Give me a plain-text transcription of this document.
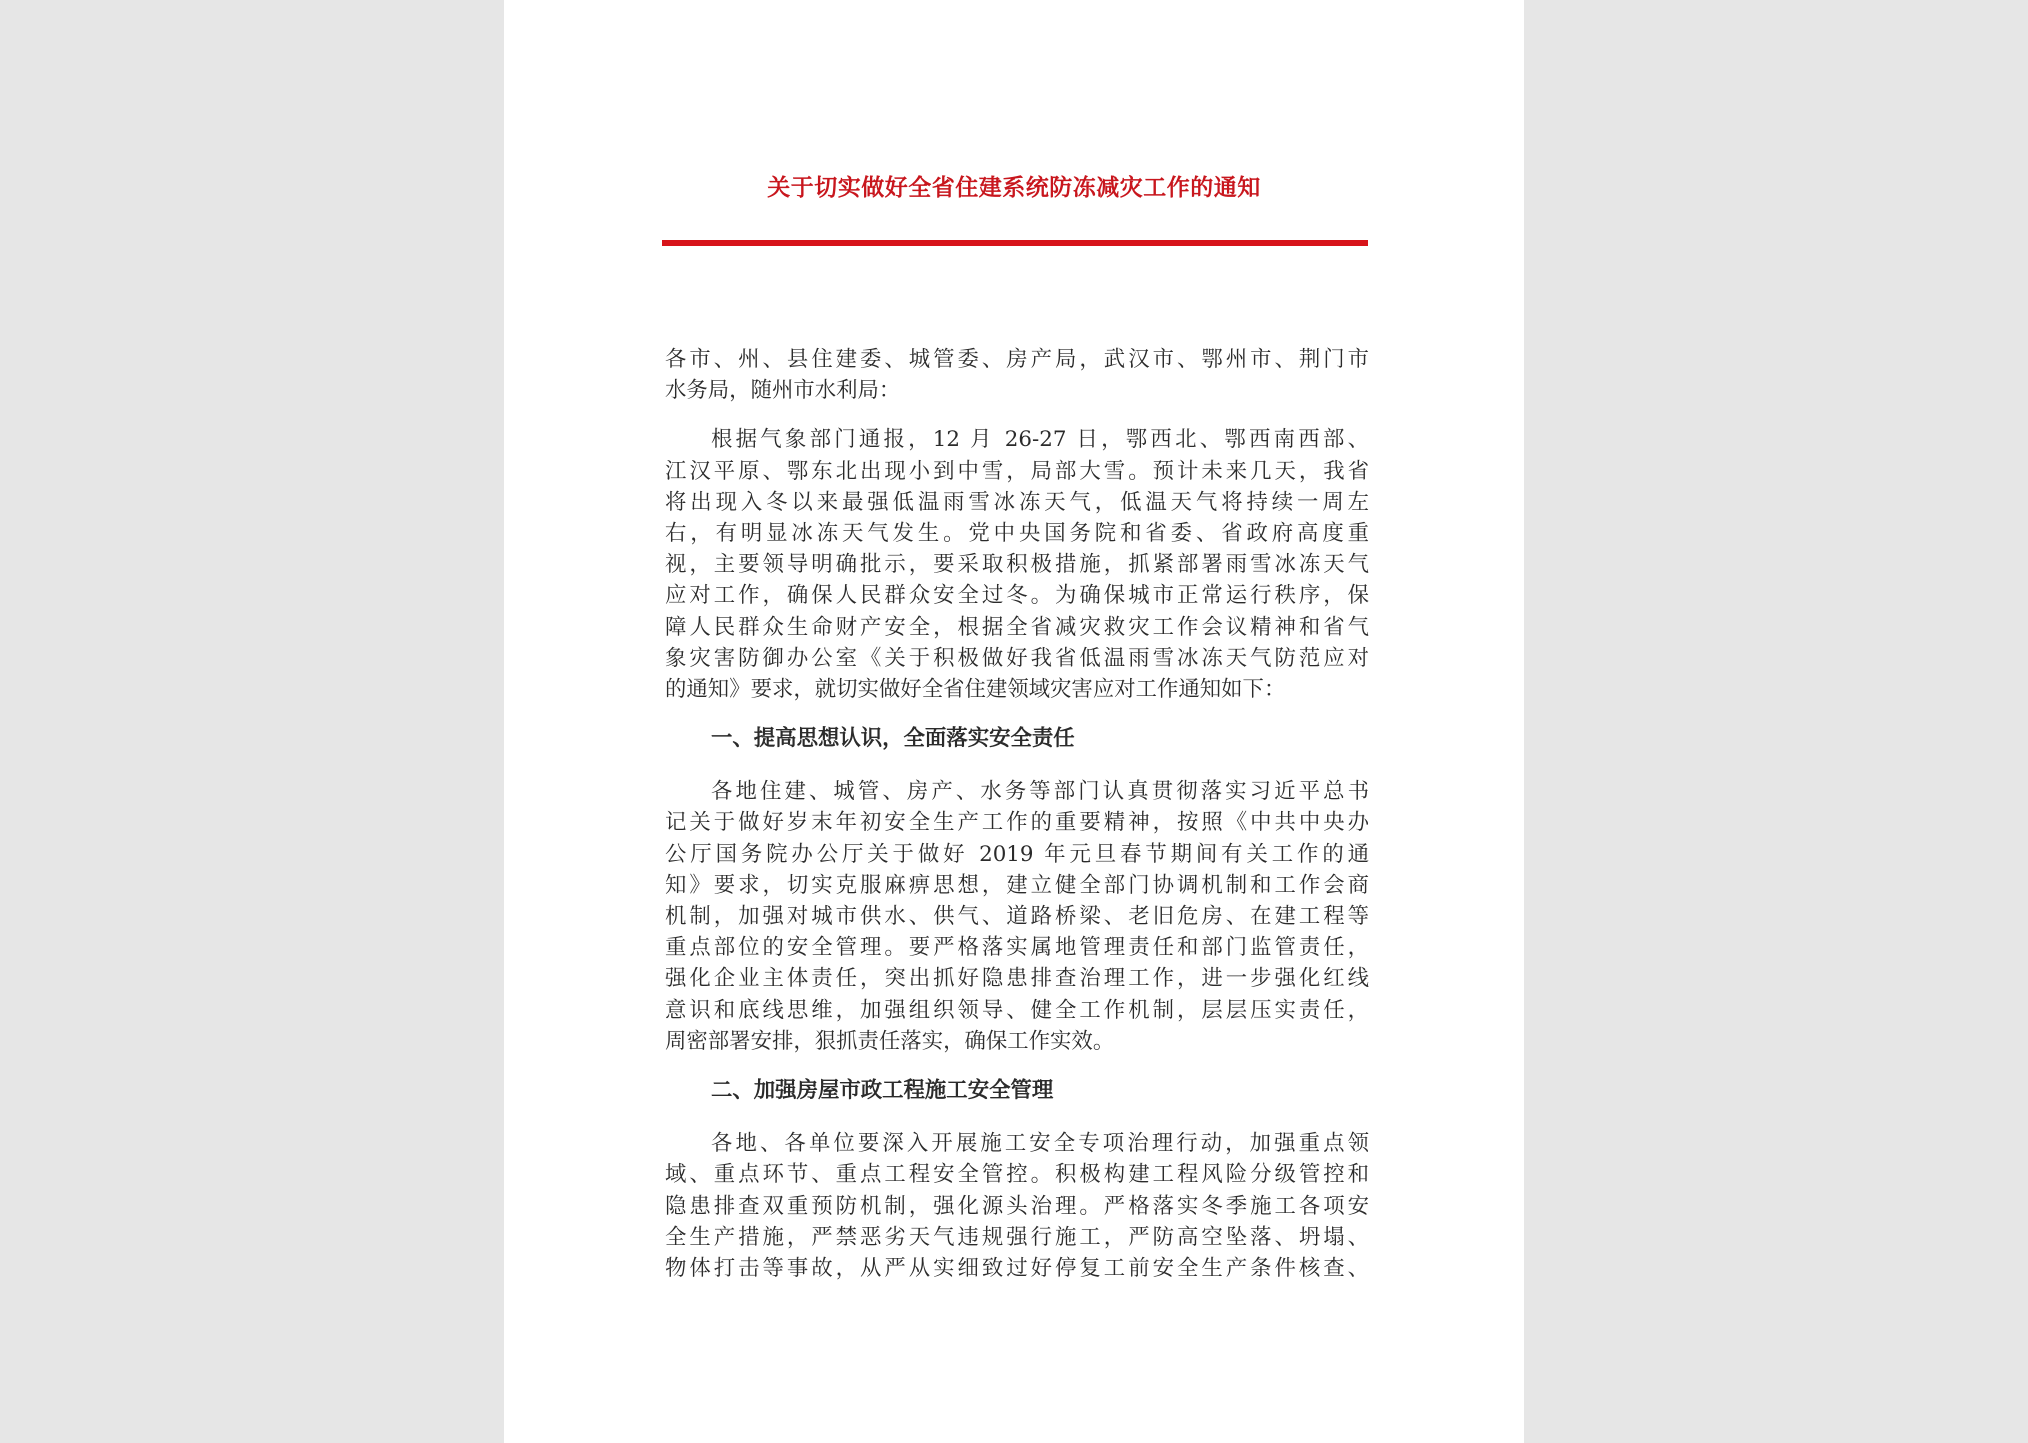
关于切实做好全省住建系统防冻减灾工作的通知
各市、州、县住建委、城管委、房产局，武汉市、鄂州市、荆门市
水务局，随州市水利局：
根据气象部门通报，12 月 26-27 日，鄂西北、鄂西南西部、
江汉平原、鄂东北出现小到中雪，局部大雪。预计未来几天，我省
将出现入冬以来最强低温雨雪冰冻天气，低温天气将持续一周左
右，有明显冰冻天气发生。党中央国务院和省委、省政府高度重
视，主要领导明确批示，要采取积极措施，抓紧部署雨雪冰冻天气
应对工作，确保人民群众安全过冬。为确保城市正常运行秩序，保
障人民群众生命财产安全，根据全省减灾救灾工作会议精神和省气
象灾害防御办公室《关于积极做好我省低温雨雪冰冻天气防范应对
的通知》要求，就切实做好全省住建领域灾害应对工作通知如下：
一、提高思想认识，全面落实安全责任
各地住建、城管、房产、水务等部门认真贯彻落实习近平总书
记关于做好岁末年初安全生产工作的重要精神，按照《中共中央办
公厅国务院办公厅关于做好 2019 年元旦春节期间有关工作的通
知》要求，切实克服麻痹思想，建立健全部门协调机制和工作会商
机制，加强对城市供水、供气、道路桥梁、老旧危房、在建工程等
重点部位的安全管理。要严格落实属地管理责任和部门监管责任，
强化企业主体责任，突出抓好隐患排查治理工作，进一步强化红线
意识和底线思维，加强组织领导、健全工作机制，层层压实责任，
周密部署安排，狠抓责任落实，确保工作实效。
二、加强房屋市政工程施工安全管理
各地、各单位要深入开展施工安全专项治理行动，加强重点领
域、重点环节、重点工程安全管控。积极构建工程风险分级管控和
隐患排查双重预防机制，强化源头治理。严格落实冬季施工各项安
全生产措施，严禁恶劣天气违规强行施工，严防高空坠落、坍塌、
物体打击等事故，从严从实细致过好停复工前安全生产条件核查、
